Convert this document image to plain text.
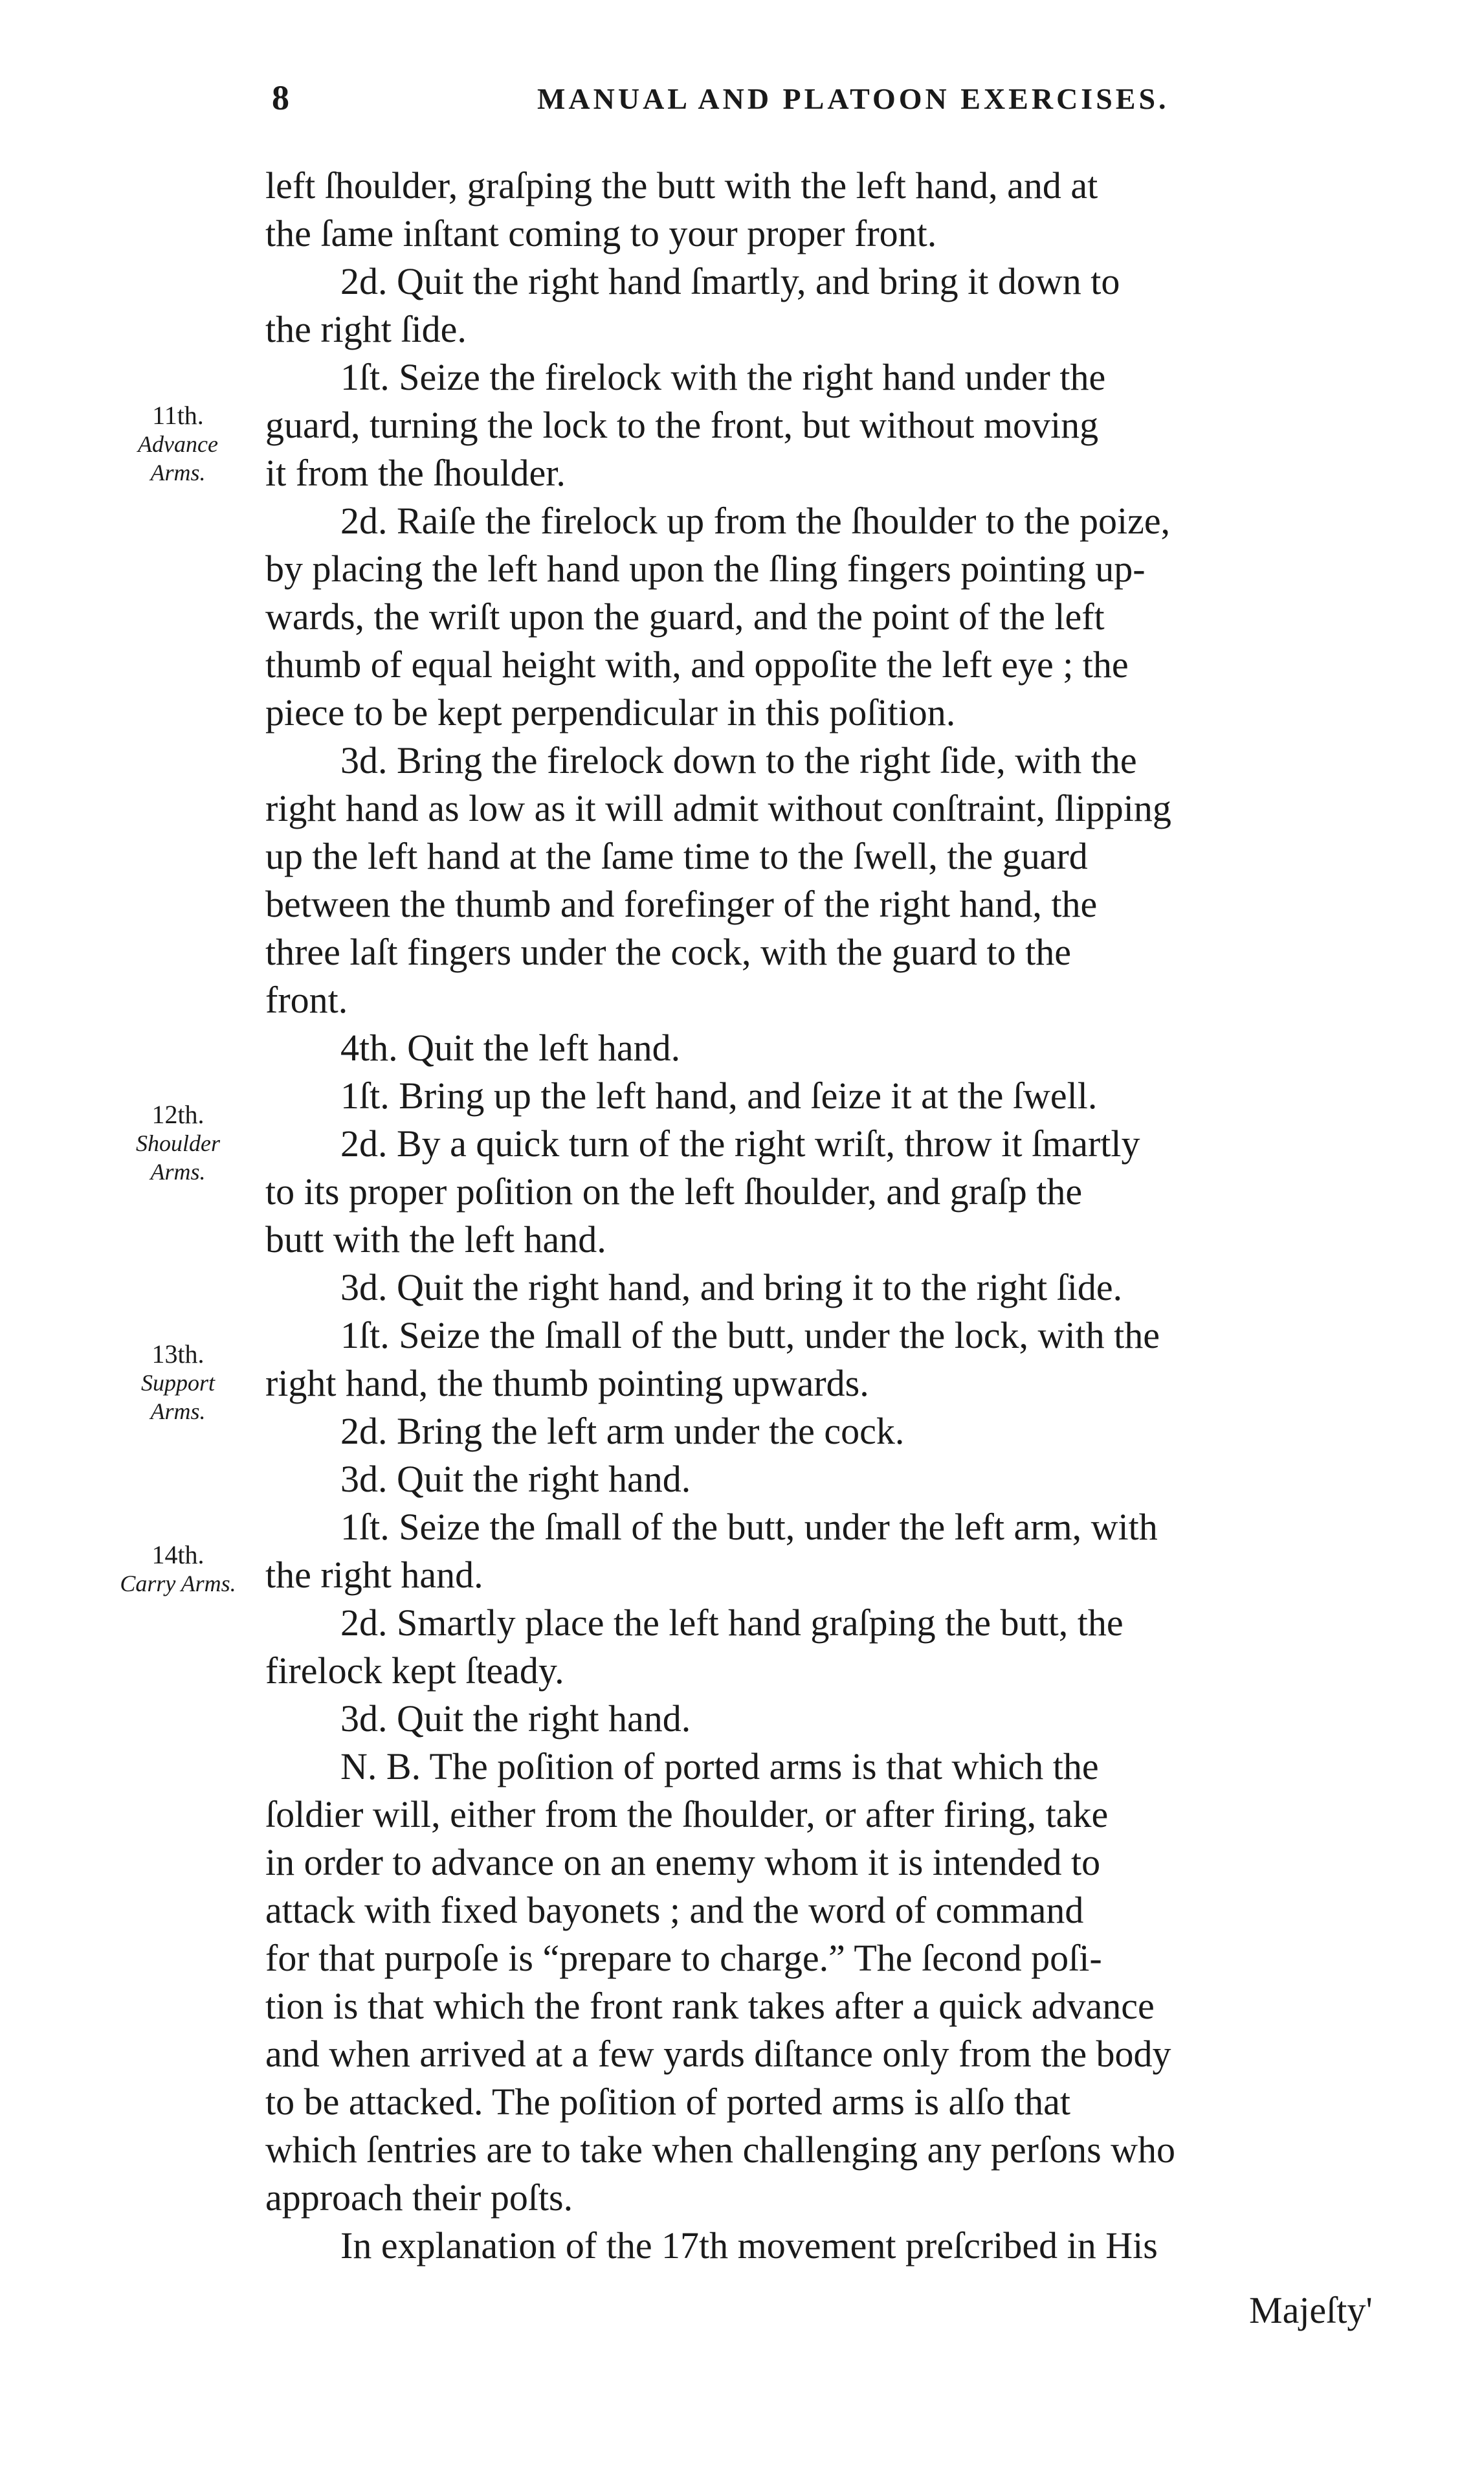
8	MANUAL AND PLATOON EXERCISES.
11th.
Advance
Arms.
12th.
Shoulder
Arms.
13th.
Support
Arms.
14th.
Carry Arms.
left ſhoulder, graſping the butt with the left hand, and at
the ſame inſtant coming to your proper front.
  2d. Quit the right hand ſmartly, and bring it down to
the right ſide.
  1ſt. Seize the firelock with the right hand under the
guard, turning the lock to the front, but without moving
it from the ſhoulder.
  2d. Raiſe the firelock up from the ſhoulder to the poize,
by placing the left hand upon the ſling fingers pointing up-
wards, the wriſt upon the guard, and the point of the left
thumb of equal height with, and oppoſite the left eye ; the
piece to be kept perpendicular in this poſition.
  3d. Bring the firelock down to the right ſide, with the
right hand as low as it will admit without conſtraint, ſlipping
up the left hand at the ſame time to the ſwell, the guard
between the thumb and forefinger of the right hand, the
three laſt fingers under the cock, with the guard to the
front.
  4th. Quit the left hand.
  1ſt. Bring up the left hand, and ſeize it at the ſwell.
  2d. By a quick turn of the right wriſt, throw it ſmartly
to its proper poſition on the left ſhoulder, and graſp the
butt with the left hand.
  3d. Quit the right hand, and bring it to the right ſide.
  1ſt. Seize the ſmall of the butt, under the lock, with the
right hand, the thumb pointing upwards.
  2d. Bring the left arm under the cock.
  3d. Quit the right hand.
  1ſt. Seize the ſmall of the butt, under the left arm, with
the right hand.
  2d. Smartly place the left hand graſping the butt, the
firelock kept ſteady.
  3d. Quit the right hand.
  N. B. The poſition of ported arms is that which the
ſoldier will, either from the ſhoulder, or after firing, take
in order to advance on an enemy whom it is intended to
attack with fixed bayonets ; and the word of command
for that purpoſe is “prepare to charge.” The ſecond poſi-
tion is that which the front rank takes after a quick advance
and when arrived at a few yards diſtance only from the body
to be attacked. The poſition of ported arms is alſo that
which ſentries are to take when challenging any perſons who
approach their poſts.
  In explanation of the 17th movement preſcribed in His
Majeſty'
